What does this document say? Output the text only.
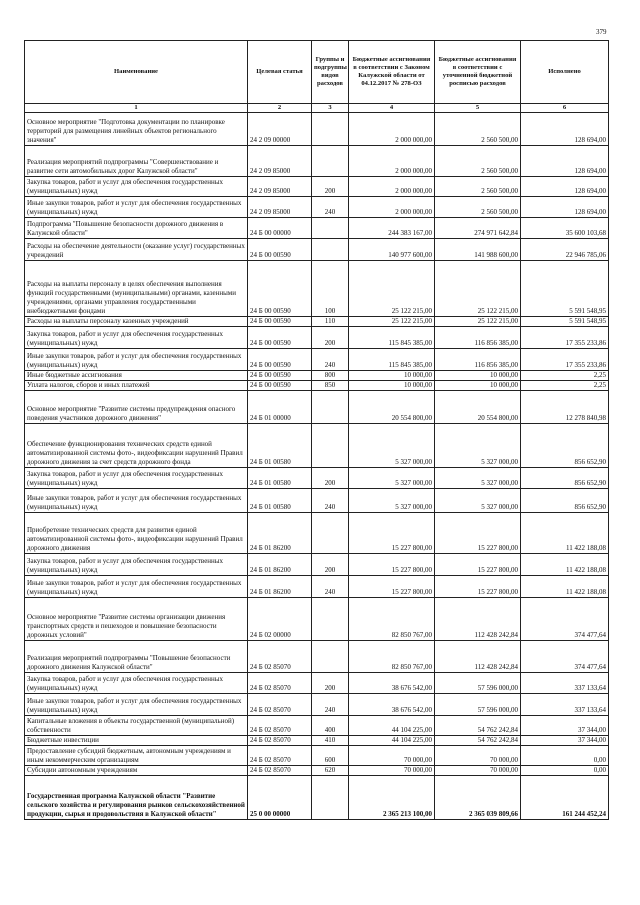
379
Наименование	Целевая статья	Группы и подгруппы видов расходов	Бюджетные ассигнования в соответствии с Законом Калужской области от 04.12.2017 № 278-ОЗ	Бюджетные ассигнования в соответствии с уточненной бюджетной росписью расходов	Исполнено
1	2	3	4	5	6
Основное мероприятие "Подготовка документации по планировке территорий для размещения линейных объектов регионального значения"	24 2 09 00000		2 000 000,00	2 560 500,00	128 694,00
Реализация мероприятий подпрограммы "Совершенствование и развитие сети автомобильных дорог Калужской области"	24 2 09 85000		2 000 000,00	2 560 500,00	128 694,00
Закупка товаров, работ и услуг для обеспечения государственных (муниципальных) нужд	24 2 09 85000	200	2 000 000,00	2 560 500,00	128 694,00
Иные закупки товаров, работ и услуг для обеспечения государственных (муниципальных) нужд	24 2 09 85000	240	2 000 000,00	2 560 500,00	128 694,00
Подпрограмма "Повышение безопасности дорожного движения в Калужской области"	24 Б 00 00000		244 383 167,00	274 971 642,84	35 600 103,68
Расходы на обеспечение деятельности (оказание услуг) государственных учреждений	24 Б 00 00590		140 977 600,00	141 988 600,00	22 946 785,06
Расходы на выплаты персоналу в целях обеспечения выполнения функций государственными (муниципальными) органами, казенными учреждениями, органами управления государственными внебюджетными фондами	24 Б 00 00590	100	25 122 215,00	25 122 215,00	5 591 548,95
Расходы на выплаты персоналу казенных учреждений	24 Б 00 00590	110	25 122 215,00	25 122 215,00	5 591 548,95
Закупка товаров, работ и услуг для обеспечения государственных (муниципальных) нужд	24 Б 00 00590	200	115 845 385,00	116 856 385,00	17 355 233,86
Иные закупки товаров, работ и услуг для обеспечения государственных (муниципальных) нужд	24 Б 00 00590	240	115 845 385,00	116 856 385,00	17 355 233,86
Иные бюджетные ассигнования	24 Б 00 00590	800	10 000,00	10 000,00	2,25
Уплата налогов, сборов и иных платежей	24 Б 00 00590	850	10 000,00	10 000,00	2,25
Основное мероприятие "Развитие системы предупреждения опасного поведения участников дорожного движения"	24 Б 01 00000		20 554 800,00	20 554 800,00	12 278 840,98
Обеспечение функционирования технических средств единой автоматизированной системы фото-, видеофиксации нарушений Правил дорожного движения за счет средств дорожного фонда	24 Б 01 00580		5 327 000,00	5 327 000,00	856 652,90
Закупка товаров, работ и услуг для обеспечения государственных (муниципальных) нужд	24 Б 01 00580	200	5 327 000,00	5 327 000,00	856 652,90
Иные закупки товаров, работ и услуг для обеспечения государственных (муниципальных) нужд	24 Б 01 00580	240	5 327 000,00	5 327 000,00	856 652,90
Приобретение технических средств для развития единой автоматизированной системы фото-, видеофиксации нарушений Правил дорожного движения	24 Б 01 86200		15 227 800,00	15 227 800,00	11 422 188,08
Закупка товаров, работ и услуг для обеспечения государственных (муниципальных) нужд	24 Б 01 86200	200	15 227 800,00	15 227 800,00	11 422 188,08
Иные закупки товаров, работ и услуг для обеспечения государственных (муниципальных) нужд	24 Б 01 86200	240	15 227 800,00	15 227 800,00	11 422 188,08
Основное мероприятие "Развитие системы организации движения транспортных средств и пешеходов и повышение безопасности дорожных условий"	24 Б 02 00000		82 850 767,00	112 428 242,84	374 477,64
Реализация мероприятий подпрограммы "Повышение безопасности дорожного движения Калужской области"	24 Б 02 85070		82 850 767,00	112 428 242,84	374 477,64
Закупка товаров, работ и услуг для обеспечения государственных (муниципальных) нужд	24 Б 02 85070	200	38 676 542,00	57 596 000,00	337 133,64
Иные закупки товаров, работ и услуг для обеспечения государственных (муниципальных) нужд	24 Б 02 85070	240	38 676 542,00	57 596 000,00	337 133,64
Капитальные вложения в объекты государственной (муниципальной) собственности	24 Б 02 85070	400	44 104 225,00	54 762 242,84	37 344,00
Бюджетные инвестиции	24 Б 02 85070	410	44 104 225,00	54 762 242,84	37 344,00
Предоставление субсидий бюджетным, автономным учреждениям и иным некоммерческим организациям	24 Б 02 85070	600	70 000,00	70 000,00	0,00
Субсидии автономным учреждениям	24 Б 02 85070	620	70 000,00	70 000,00	0,00
Государственная программа Калужской области "Развитие сельского хозяйства и регулирования рынков сельскохозяйственной продукции, сырья и продовольствия в Калужской области"	25 0 00 00000		2 365 213 100,00	2 365 039 809,66	161 244 452,24
